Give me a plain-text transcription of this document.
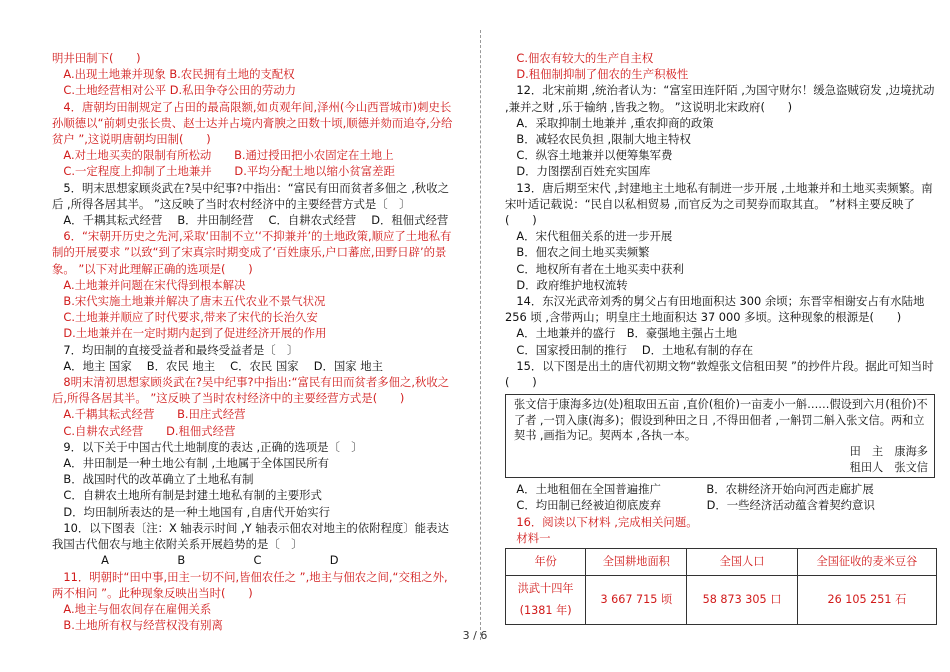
明井田制下(　　)

　A.出现土地兼并现象 B.农民拥有土地的支配权

　C.土地经营相对公平 D.私田争夺公田的劳动力

　4．唐朝均田制规定了占田的最高限额,如贞观年间,泽州(今山西晋城市)刺史长孙顺德以“前刺史张长贵、赵士达并占境内膏腴之田数十顷,顺德并劾而追夺,分给贫户 ”,这说明唐朝均田制(　　)

　A.对土地买卖的限制有所松动　　B.通过授田把小农固定在土地上

　C.一定程度上抑制了土地兼并　　D.平均分配土地以缩小贫富差距

　5．明末思想家顾炎武在?吴中纪事?中指出：“富民有田而贫者多佃之 ,秋收之后 ,所得各居其半。 ”这反映了当时农村经济中的主要经营方式是〔　〕

　A．千耦其耘式经营　 B．井田制经营　 C．自耕农式经营　 D．租佃式经营

　6．“宋朝开历史之先河,采取‘田制不立’‘不抑兼并’的土地政策,顺应了土地私有制的开展要求 ”以致“到了宋真宗时期变成了‘百姓康乐,户口蕃庶,田野日辟’的景象。 ”以下对此理解正确的选项是(　　)

　A.土地兼并问题在宋代得到根本解决

　B.宋代实施土地兼并解决了唐末五代农业不景气状况

　C.土地兼并顺应了时代要求,带来了宋代的长治久安

　D.土地兼并在一定时期内起到了促进经济开展的作用

　7．均田制的直接受益者和最终受益者是〔　〕

　A．地主 国家　 B．农民 地主　 C．农民 国家　 D．国家 地主

　8明末清初思想家顾炎武在?吴中纪事?中指出:“富民有田而贫者多佃之,秋收之后,所得各居其半。 ”这反映了当时农村经济中的主要经营方式是(　　)

　A.千耦其耘式经营　　B.田庄式经营

　C.自耕农式经营　　D.租佃式经营

　9．以下关于中国古代土地制度的表达 ,正确的选项是〔　〕

　A．井田制是一种土地公有制 ,土地属于全体国民所有

　B．战国时代的改革确立了土地私有制

　C．自耕农土地所有制是封建土地私有制的主要形式

　D．均田制所表达的是一种土地国有 ,自唐代开始实行

　10．以下图表〔注：X 轴表示时间 ,Y 轴表示佃农对地主的依附程度〕能表达我国古代佃农与地主依附关系开展趋势的是〔　〕

　　　　 A　　　　　　B　　　　　　C　　　　　　D

　11．明朝时“田中事,田主一切不问,皆佃农任之 ”,地主与佃农之间,“交租之外,两不相问 ”。此种现象反映出当时(　　)

　A.地主与佃农间存在雇佣关系

　B.土地所有权与经营权没有别离

　C.佃农有较大的生产自主权

　D.租佃制抑制了佃农的生产积极性

　12．北宋前期 ,统治者认为：“富室田连阡陌 ,为国守财尔！缓急盗贼窃发 ,边境扰动 ,兼并之财 ,乐于输纳 ,皆我之物。 ”这说明北宋政府(　　)

　A．采取抑制土地兼并 ,重农抑商的政策

　B．减轻农民负担 ,限制大地主特权

　C．纵容土地兼并以便筹集军费

　D．力图摆刮百姓充实国库

　13．唐后期至宋代 ,封建地主土地私有制进一步开展 ,土地兼并和土地买卖频繁。南宋叶适记载说：“民自以私相贸易 ,而官反为之司契券而取其直。 ”材料主要反映了(　　)

　A．宋代租佃关系的进一步开展

　B．佃农之间土地买卖频繁

　C．地权所有者在土地买卖中获利

　D．政府维护地权流转

　14．东汉光武帝刘秀的舅父占有田地面积达 300 余顷；东晋宰相谢安占有水陆地 256 顷 ,含带两山；明皇庄土地面积达 37 000 多顷。这种现象的根源是(　　)

　A．土地兼并的盛行　B．豪强地主强占土地

　C．国家授田制的推行　 D．土地私有制的存在

　15．以下图是出土的唐代初期文物“敦煌张文信租田契 ”的抄件片段。据此可知当时(　　)

张文信于康海多边(处)租取田五亩 ,直价(租价)一亩麦小一斛……假设到六月(租价)不了者 ,一罚入康(海多)；假设到种田之日 ,不得田佃者 ,一斛罚二斛入张文信。两和立契书 ,画指为记。契两本 ,各执一本。

田　主　康海多

租田人　张文信

　A．土地租佃在全国普遍推广　　　　B．农耕经济开始向河西走廊扩展

　C．均田制已经被迫彻底废弃　　　　D．一些经济活动蕴含着契约意识

　16．阅读以下材料 ,完成相关问题。

　材料一

年份	全国耕地面积	全国人口	全国征收的麦米豆谷

洪武十四年
(1381 年)	3 667 715 顷	58 873 305 口	26 105 251 石
3 / 6
